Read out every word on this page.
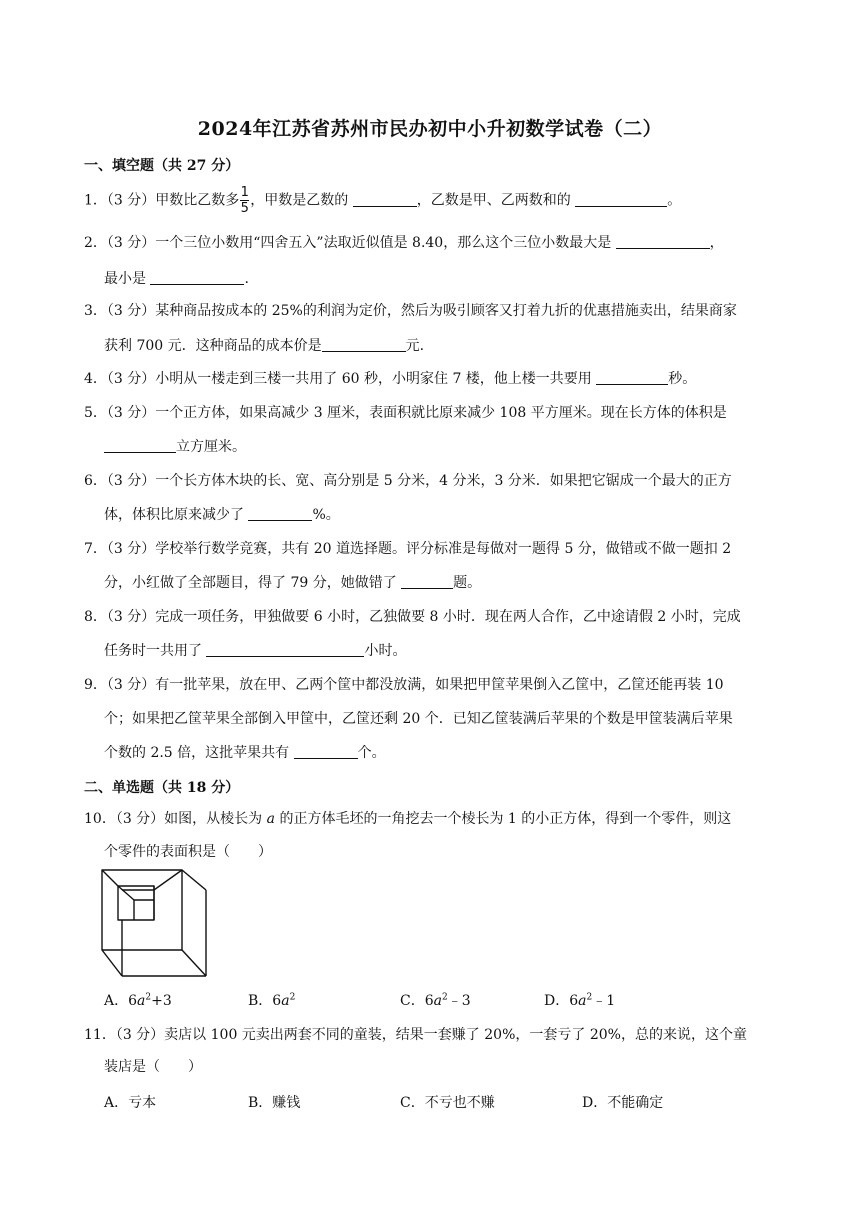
2024年江苏省苏州市民办初中小升初数学试卷（二）
一、填空题（共 27 分）
1．（3 分）甲数比乙数多 $\frac{1}{5}$ ，甲数是乙数的	，乙数是甲、乙两数和的	。
2．（3 分）一个三位小数用“四舍五入”法取近似值是 8.40，那么这个三位小数最大是	，
最小是	.
3．（3 分）某种商品按成本的 25%的利润为定价，然后为吸引顾客又打着九折的优惠措施卖出，结果商家
获利 700 元．这种商品的成本价是	元.
4．（3 分）小明从一楼走到三楼一共用了 60 秒，小明家住 7 楼，他上楼一共要用	秒。
5．（3 分）一个正方体，如果高减少 3 厘米，表面积就比原来减少 108 平方厘米。现在长方体的体积是
立方厘米。
6．（3 分）一个长方体木块的长、宽、高分别是 5 分米，4 分米，3 分米．如果把它锯成一个最大的正方
体，体积比原来减少了	%。
7．（3 分）学校举行数学竞赛，共有 20 道选择题。评分标准是每做对一题得 5 分，做错或不做一题扣 2
分，小红做了全部题目，得了 79 分，她做错了	题。
8．（3 分）完成一项任务，甲独做要 6 小时，乙独做要 8 小时．现在两人合作，乙中途请假 2 小时，完成
任务时一共用了	小时。
9．（3 分）有一批苹果，放在甲、乙两个筐中都没放满，如果把甲筐苹果倒入乙筐中，乙筐还能再装 10
个；如果把乙筐苹果全部倒入甲筐中，乙筐还剩 20 个．已知乙筐装满后苹果的个数是甲筐装满后苹果
个数的 2.5 倍，这批苹果共有	个。
二、单选题（共 18 分）
10．（3 分）如图，从棱长为 a 的正方体毛坯的一角挖去一个棱长为 1 的小正方体，得到一个零件，则这
个零件的表面积是（　　）
A．$6a^2+3$	B．$6a^2$	C．$6a^2﹣3$	D．$6a^2﹣1$
11．（3 分）卖店以 100 元卖出两套不同的童装，结果一套赚了 20%，一套亏了 20%，总的来说，这个童
装店是（　　）
A．亏本	B．赚钱	C．不亏也不赚	D．不能确定
